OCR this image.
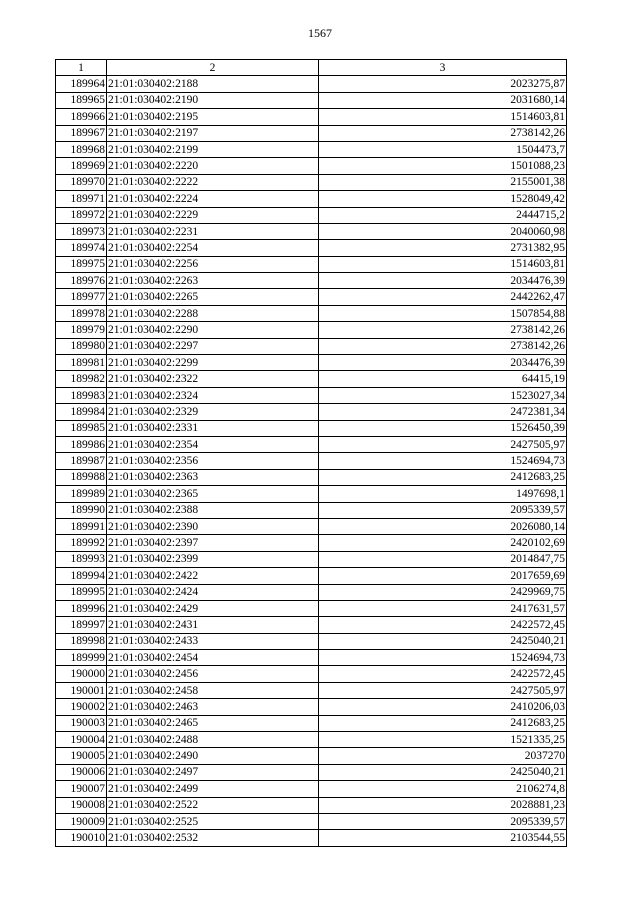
1567
1	2	3
189964	21:01:030402:2188	2023275,87
189965	21:01:030402:2190	2031680,14
189966	21:01:030402:2195	1514603,81
189967	21:01:030402:2197	2738142,26
189968	21:01:030402:2199	1504473,7
189969	21:01:030402:2220	1501088,23
189970	21:01:030402:2222	2155001,38
189971	21:01:030402:2224	1528049,42
189972	21:01:030402:2229	2444715,2
189973	21:01:030402:2231	2040060,98
189974	21:01:030402:2254	2731382,95
189975	21:01:030402:2256	1514603,81
189976	21:01:030402:2263	2034476,39
189977	21:01:030402:2265	2442262,47
189978	21:01:030402:2288	1507854,88
189979	21:01:030402:2290	2738142,26
189980	21:01:030402:2297	2738142,26
189981	21:01:030402:2299	2034476,39
189982	21:01:030402:2322	64415,19
189983	21:01:030402:2324	1523027,34
189984	21:01:030402:2329	2472381,34
189985	21:01:030402:2331	1526450,39
189986	21:01:030402:2354	2427505,97
189987	21:01:030402:2356	1524694,73
189988	21:01:030402:2363	2412683,25
189989	21:01:030402:2365	1497698,1
189990	21:01:030402:2388	2095339,57
189991	21:01:030402:2390	2026080,14
189992	21:01:030402:2397	2420102,69
189993	21:01:030402:2399	2014847,75
189994	21:01:030402:2422	2017659,69
189995	21:01:030402:2424	2429969,75
189996	21:01:030402:2429	2417631,57
189997	21:01:030402:2431	2422572,45
189998	21:01:030402:2433	2425040,21
189999	21:01:030402:2454	1524694,73
190000	21:01:030402:2456	2422572,45
190001	21:01:030402:2458	2427505,97
190002	21:01:030402:2463	2410206,03
190003	21:01:030402:2465	2412683,25
190004	21:01:030402:2488	1521335,25
190005	21:01:030402:2490	2037270
190006	21:01:030402:2497	2425040,21
190007	21:01:030402:2499	2106274,8
190008	21:01:030402:2522	2028881,23
190009	21:01:030402:2525	2095339,57
190010	21:01:030402:2532	2103544,55
